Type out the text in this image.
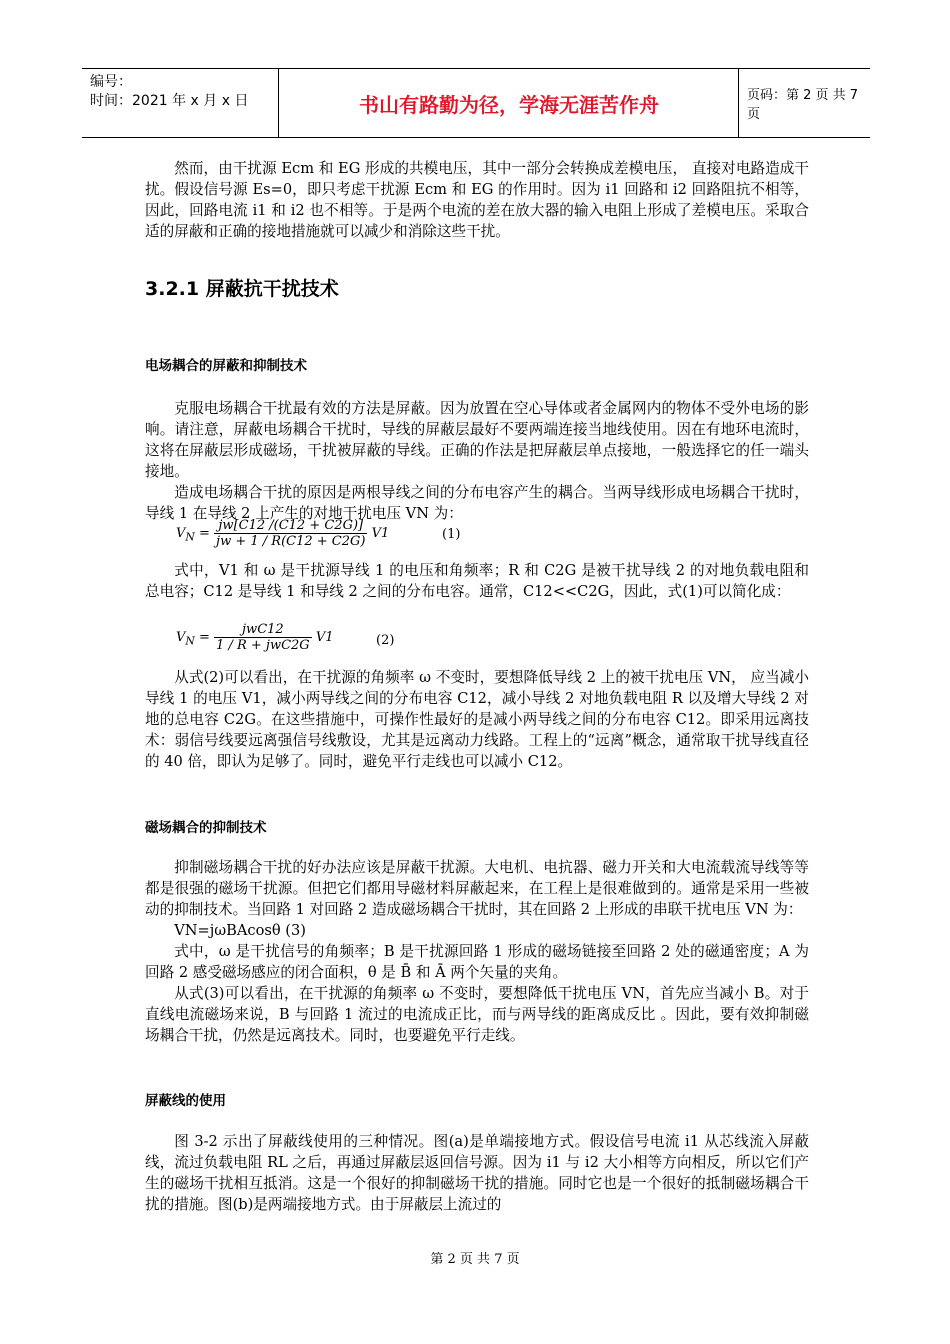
编号：
时间：2021 年 x 月 x 日	书山有路勤为径，学海无涯苦作舟	页码：第 2 页 共 7 页

然而，由干扰源 Ecm 和 EG 形成的共模电压，其中一部分会转换成差模电压， 直接对电路造成干扰。假设信号源 Es=0，即只考虑干扰源 Ecm 和 EG 的作用时。因为 i1 回路和 i2 回路阻抗不相等，因此，回路电流 i1 和 i2 也不相等。于是两个电流的差在放大器的输入电阻上形成了差模电压。采取合适的屏蔽和正确的接地措施就可以减少和消除这些干扰。

3.2.1 屏蔽抗干扰技术
电场耦合的屏蔽和抑制技术

克服电场耦合干扰最有效的方法是屏蔽。因为放置在空心导体或者金属网内的物体不受外电场的影响。请注意，屏蔽电场耦合干扰时，导线的屏蔽层最好不要两端连接当地线使用。因在有地环电流时，这将在屏蔽层形成磁场，干扰被屏蔽的导线。正确的作法是把屏蔽层单点接地，一般选择它的任一端头接地。

造成电场耦合干扰的原因是两根导线之间的分布电容产生的耦合。当两导线形成电场耦合干扰时，导线 1 在导线 2 上产生的对地干扰电压 VN 为：

$V_N = \frac{jw[C12 /(C12 + C2G)]}{jw + 1 / R(C12 + C2G)} V1$	(1)

式中，V1 和 ω 是干扰源导线 1 的电压和角频率；R 和 C2G 是被干扰导线 2 的对地负载电阻和总电容；C12 是导线 1 和导线 2 之间的分布电容。通常，C12<<C2G，因此，式(1)可以简化成：

$V_N = \frac{\text{jwC12}}{\text{1 / R + jwC2G}} V1$	(2)

从式(2)可以看出，在干扰源的角频率 ω 不变时，要想降低导线 2 上的被干扰电压 VN， 应当减小导线 1 的电压 V1，减小两导线之间的分布电容 C12，减小导线 2 对地负载电阻 R 以及增大导线 2 对地的总电容 C2G。在这些措施中，可操作性最好的是减小两导线之间的分布电容 C12。即采用远离技术：弱信号线要远离强信号线敷设，尤其是远离动力线路。工程上的“远离”概念，通常取干扰导线直径的 40 倍，即认为足够了。同时，避免平行走线也可以减小 C12。

磁场耦合的抑制技术

抑制磁场耦合干扰的好办法应该是屏蔽干扰源。大电机、电抗器、磁力开关和大电流载流导线等等都是很强的磁场干扰源。但把它们都用导磁材料屏蔽起来，在工程上是很难做到的。通常是采用一些被动的抑制技术。当回路 1 对回路 2 造成磁场耦合干扰时，其在回路 2 上形成的串联干扰电压 VN 为：

VN=jωBAcosθ (3)

式中，ω 是干扰信号的角频率；B 是干扰源回路 1 形成的磁场链接至回路 2 处的磁通密度；A 为回路 2 感受磁场感应的闭合面积，θ 是 B̄ 和 Ā 两个矢量的夹角。

从式(3)可以看出，在干扰源的角频率 ω 不变时，要想降低干扰电压 VN，首先应当减小 B。对于直线电流磁场来说，B 与回路 1 流过的电流成正比，而与两导线的距离成反比 。因此，要有效抑制磁场耦合干扰，仍然是远离技术。同时，也要避免平行走线。

屏蔽线的使用

图 3-2 示出了屏蔽线使用的三种情况。图(a)是单端接地方式。假设信号电流 i1 从芯线流入屏蔽线，流过负载电阻 RL 之后，再通过屏蔽层返回信号源。因为 i1 与 i2 大小相等方向相反，所以它们产生的磁场干扰相互抵消。这是一个很好的抑制磁场干扰的措施。同时它也是一个很好的抵制磁场耦合干扰的措施。图(b)是两端接地方式。由于屏蔽层上流过的

第 2 页 共 7 页
